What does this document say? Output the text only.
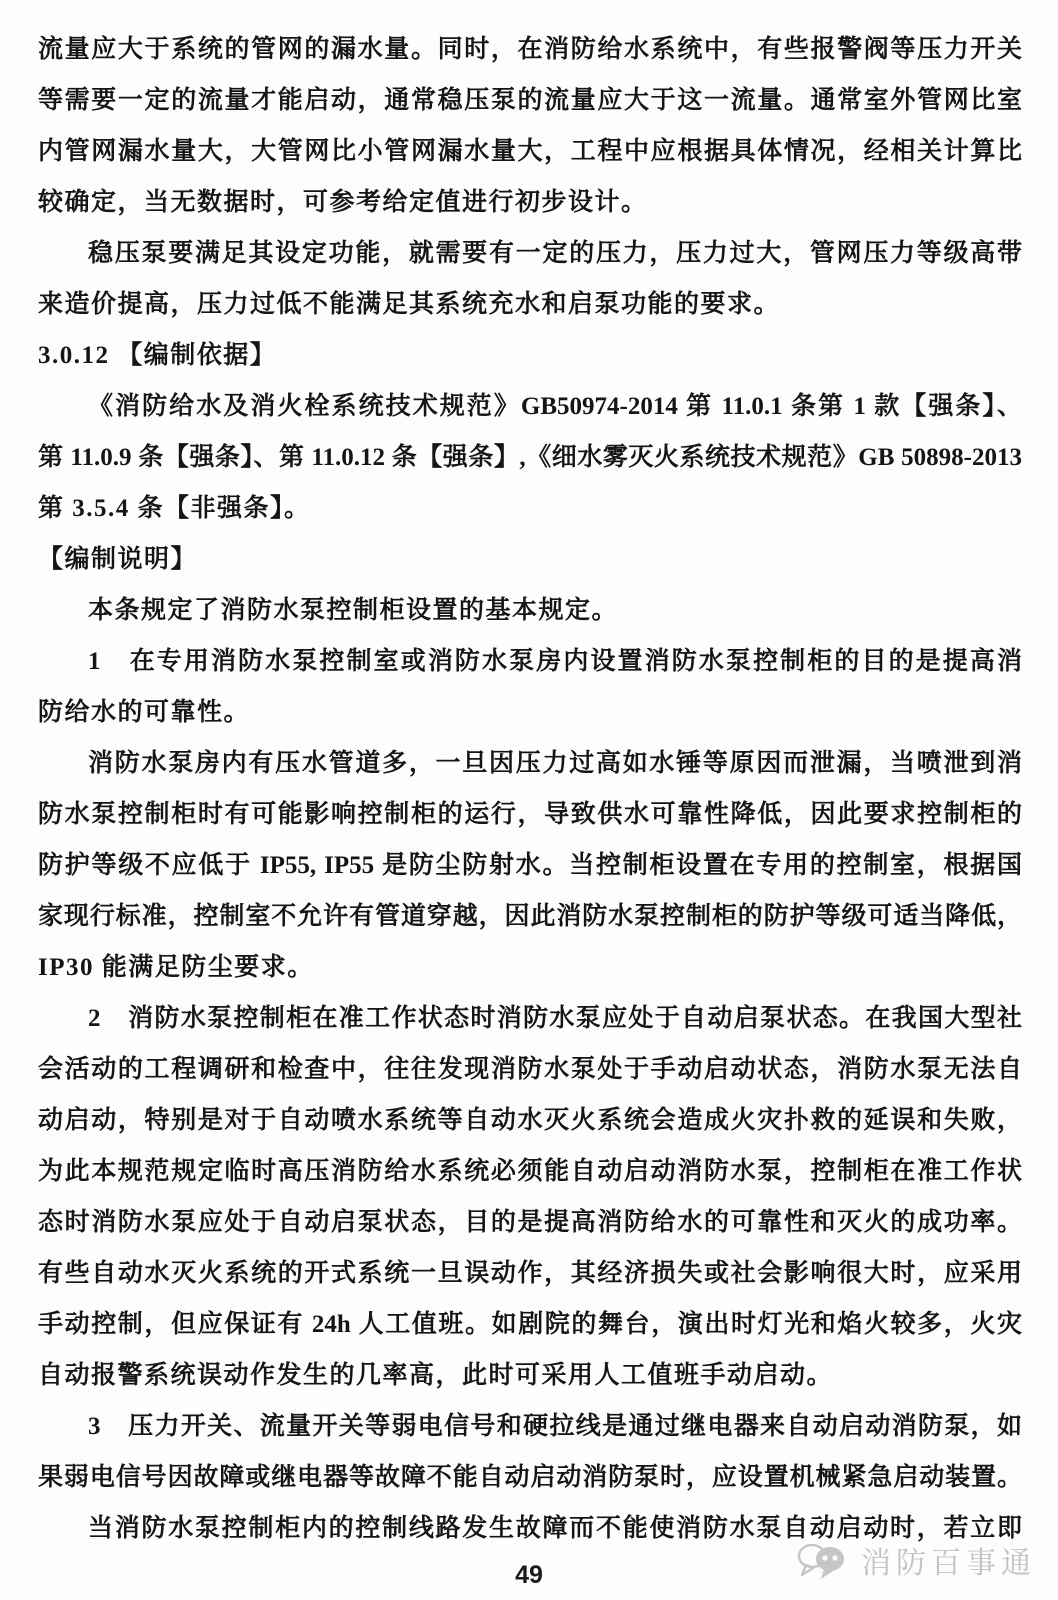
流量应大于系统的管网的漏水量。同时，在消防给水系统中，有些报警阀等压力开关
等需要一定的流量才能启动，通常稳压泵的流量应大于这一流量。通常室外管网比室
内管网漏水量大，大管网比小管网漏水量大，工程中应根据具体情况，经相关计算比
较确定，当无数据时，可参考给定值进行初步设计。
稳压泵要满足其设定功能，就需要有一定的压力，压力过大，管网压力等级高带
来造价提高，压力过低不能满足其系统充水和启泵功能的要求。
3.0.12 【编制依据】
《消防给水及消火栓系统技术规范》GB50974-2014 第 11.0.1 条第 1 款【强条】、
第 11.0.9 条【强条】、第 11.0.12 条【强条】,《细水雾灭火系统技术规范》GB 50898-2013
第 3.5.4 条【非强条】。
【编制说明】
本条规定了消防水泵控制柜设置的基本规定。
1　在专用消防水泵控制室或消防水泵房内设置消防水泵控制柜的目的是提高消
防给水的可靠性。
消防水泵房内有压水管道多，一旦因压力过高如水锤等原因而泄漏，当喷泄到消
防水泵控制柜时有可能影响控制柜的运行，导致供水可靠性降低，因此要求控制柜的
防护等级不应低于 IP55, IP55 是防尘防射水。当控制柜设置在专用的控制室，根据国
家现行标准，控制室不允许有管道穿越，因此消防水泵控制柜的防护等级可适当降低，
IP30 能满足防尘要求。
2　消防水泵控制柜在准工作状态时消防水泵应处于自动启泵状态。在我国大型社
会活动的工程调研和检查中，往往发现消防水泵处于手动启动状态，消防水泵无法自
动启动，特别是对于自动喷水系统等自动水灭火系统会造成火灾扑救的延误和失败，
为此本规范规定临时高压消防给水系统必须能自动启动消防水泵，控制柜在准工作状
态时消防水泵应处于自动启泵状态，目的是提高消防给水的可靠性和灭火的成功率。
有些自动水灭火系统的开式系统一旦误动作，其经济损失或社会影响很大时，应采用
手动控制，但应保证有 24h 人工值班。如剧院的舞台，演出时灯光和焰火较多，火灾
自动报警系统误动作发生的几率高，此时可采用人工值班手动启动。
3　压力开关、流量开关等弱电信号和硬拉线是通过继电器来自动启动消防泵，如
果弱电信号因故障或继电器等故障不能自动启动消防泵时，应设置机械紧急启动装置。
当消防水泵控制柜内的控制线路发生故障而不能使消防水泵自动启动时，若立即
49	消防百事通
